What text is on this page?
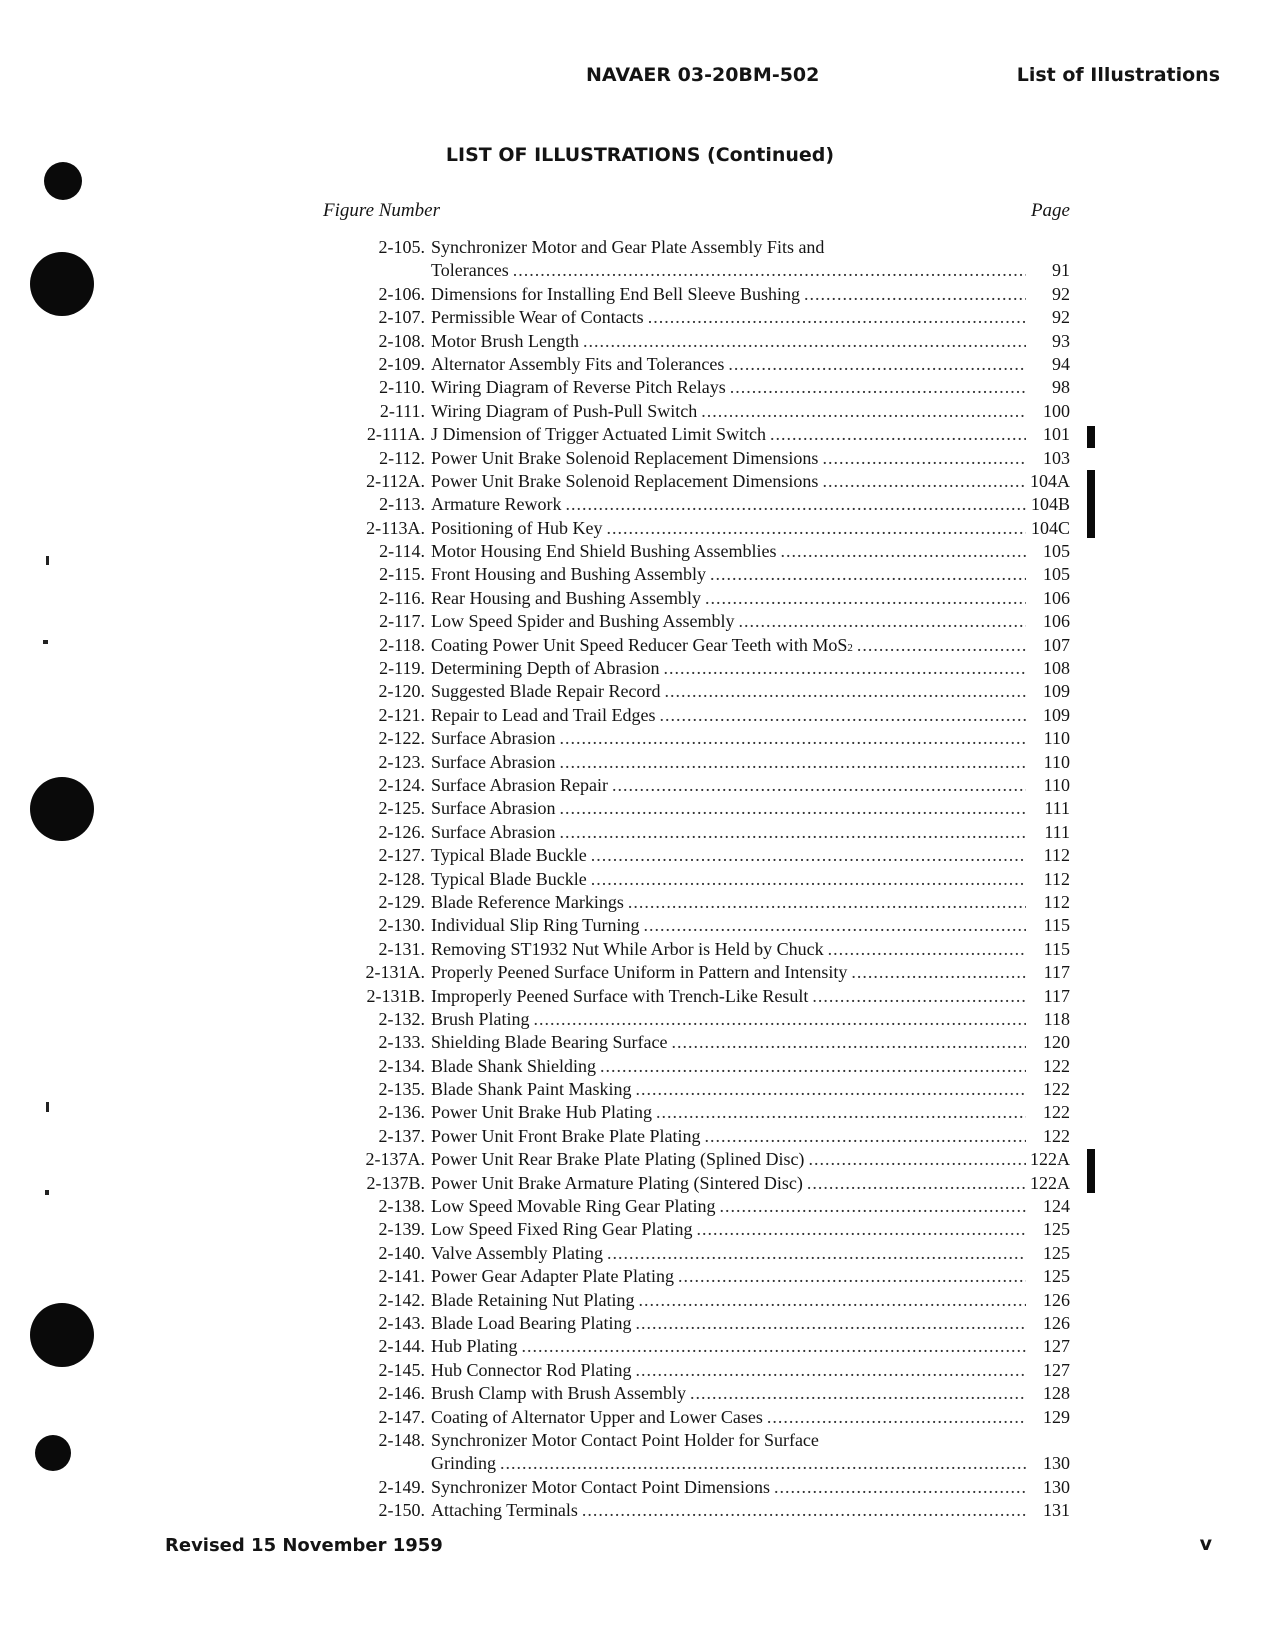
NAVAER 03-20BM-502	List of Illustrations
LIST OF ILLUSTRATIONS (Continued)
Figure Number	Page
2-105. Synchronizer Motor and Gear Plate Assembly Fits and
Tolerances .....	91
2-106. Dimensions for Installing End Bell Sleeve Bushing .....	92
2-107. Permissible Wear of Contacts .....	92
2-108. Motor Brush Length .....	93
2-109. Alternator Assembly Fits and Tolerances .....	94
2-110. Wiring Diagram of Reverse Pitch Relays .....	98
2-111. Wiring Diagram of Push-Pull Switch .....	100
2-111A. J Dimension of Trigger Actuated Limit Switch .....	101
2-112. Power Unit Brake Solenoid Replacement Dimensions .....	103
2-112A. Power Unit Brake Solenoid Replacement Dimensions .....	104A
2-113. Armature Rework .....	104B
2-113A. Positioning of Hub Key .....	104C
2-114. Motor Housing End Shield Bushing Assemblies .....	105
2-115. Front Housing and Bushing Assembly .....	105
2-116. Rear Housing and Bushing Assembly .....	106
2-117. Low Speed Spider and Bushing Assembly .....	106
2-118. Coating Power Unit Speed Reducer Gear Teeth with MoS 2 .....	107
2-119. Determining Depth of Abrasion .....	108
2-120. Suggested Blade Repair Record .....	109
2-121. Repair to Lead and Trail Edges .....	109
2-122. Surface Abrasion .....	110
2-123. Surface Abrasion .....	110
2-124. Surface Abrasion Repair .....	110
2-125. Surface Abrasion .....	111
2-126. Surface Abrasion .....	111
2-127. Typical Blade Buckle .....	112
2-128. Typical Blade Buckle .....	112
2-129. Blade Reference Markings .....	112
2-130. Individual Slip Ring Turning .....	115
2-131. Removing ST1932 Nut While Arbor is Held by Chuck .....	115
2-131A. Properly Peened Surface Uniform in Pattern and Intensity .....	117
2-131B. Improperly Peened Surface with Trench-Like Result .....	117
2-132. Brush Plating .....	118
2-133. Shielding Blade Bearing Surface .....	120
2-134. Blade Shank Shielding .....	122
2-135. Blade Shank Paint Masking .....	122
2-136. Power Unit Brake Hub Plating .....	122
2-137. Power Unit Front Brake Plate Plating .....	122
2-137A. Power Unit Rear Brake Plate Plating (Splined Disc) .....	122A
2-137B. Power Unit Brake Armature Plating (Sintered Disc) .....	122A
2-138. Low Speed Movable Ring Gear Plating .....	124
2-139. Low Speed Fixed Ring Gear Plating .....	125
2-140. Valve Assembly Plating .....	125
2-141. Power Gear Adapter Plate Plating .....	125
2-142. Blade Retaining Nut Plating .....	126
2-143. Blade Load Bearing Plating .....	126
2-144. Hub Plating .....	127
2-145. Hub Connector Rod Plating .....	127
2-146. Brush Clamp with Brush Assembly .....	128
2-147. Coating of Alternator Upper and Lower Cases .....	129
2-148. Synchronizer Motor Contact Point Holder for Surface
Grinding .....	130
2-149. Synchronizer Motor Contact Point Dimensions .....	130
2-150. Attaching Terminals .....	131
Revised 15 November 1959	v
